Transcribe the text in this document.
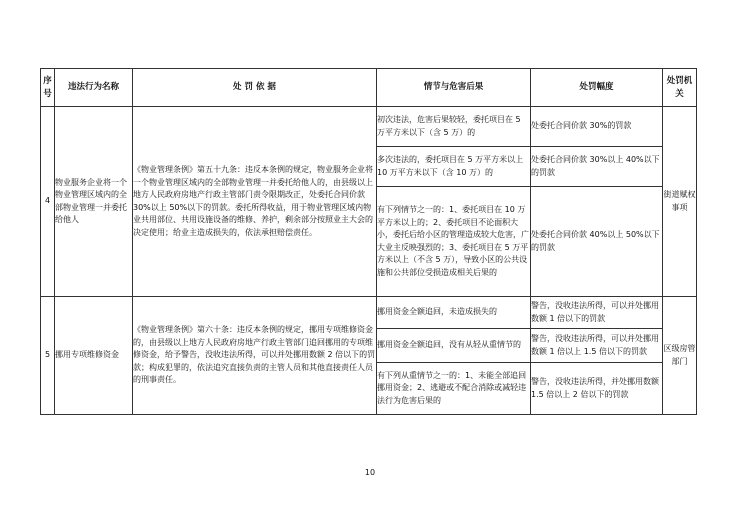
序号	违法行为名称	处 罚 依 据	情节与危害后果	处罚幅度	处罚机关
4	物业服务企业将一个物业管理区域内的全部物业管理一并委托给他人	《物业管理条例》第五十九条：违反本条例的规定，物业服务企业将一个物业管理区域内的全部物业管理一并委托给他人的，由县级以上地方人民政府房地产行政主管部门责令限期改正，处委托合同价款 30%以上 50%以下的罚款。委托所得收益，用于物业管理区域内物业共用部位、共用设施设备的维修、养护，剩余部分按照业主大会的决定使用；给业主造成损失的，依法承担赔偿责任。	初次违法，危害后果较轻，委托项目在 5 万平方米以下（含 5 万）的	处委托合同价款 30%的罚款	街道赋权事项
			多次违法的，委托项目在 5 万平方米以上 10 万平方米以下（含 10 万）的	处委托合同价款 30%以上 40%以下的罚款	
			有下列情节之一的：1、委托项目在 10 万平方米以上的；2、委托项目不论面积大小，委托后给小区的管理造成较大危害，广大业主反映强烈的；3、委托项目在 5 万平方米以上（不含 5 万），导致小区的公共设施和公共部位受损造成相关后果的	处委托合同价款 40%以上 50%以下的罚款	
5	挪用专项维修资金	《物业管理条例》第六十条：违反本条例的规定，挪用专项维修资金的，由县级以上地方人民政府房地产行政主管部门追回挪用的专项维修资金，给予警告，没收违法所得，可以并处挪用数额 2 倍以下的罚款；构成犯罪的，依法追究直接负责的主管人员和其他直接责任人员的刑事责任。	挪用资金全额追回，未造成损失的	警告，没收违法所得，可以并处挪用数额 1 倍以下的罚款	区级房管部门
			挪用资金全额追回，没有从轻从重情节的	警告，没收违法所得，可以并处挪用数额 1 倍以上 1.5 倍以下的罚款	
			有下列从重情节之一的：1、未能全部追回挪用资金；2、逃避或不配合消除或减轻违法行为危害后果的	警告，没收违法所得，并处挪用数额 1.5 倍以上 2 倍以下的罚款	
10
